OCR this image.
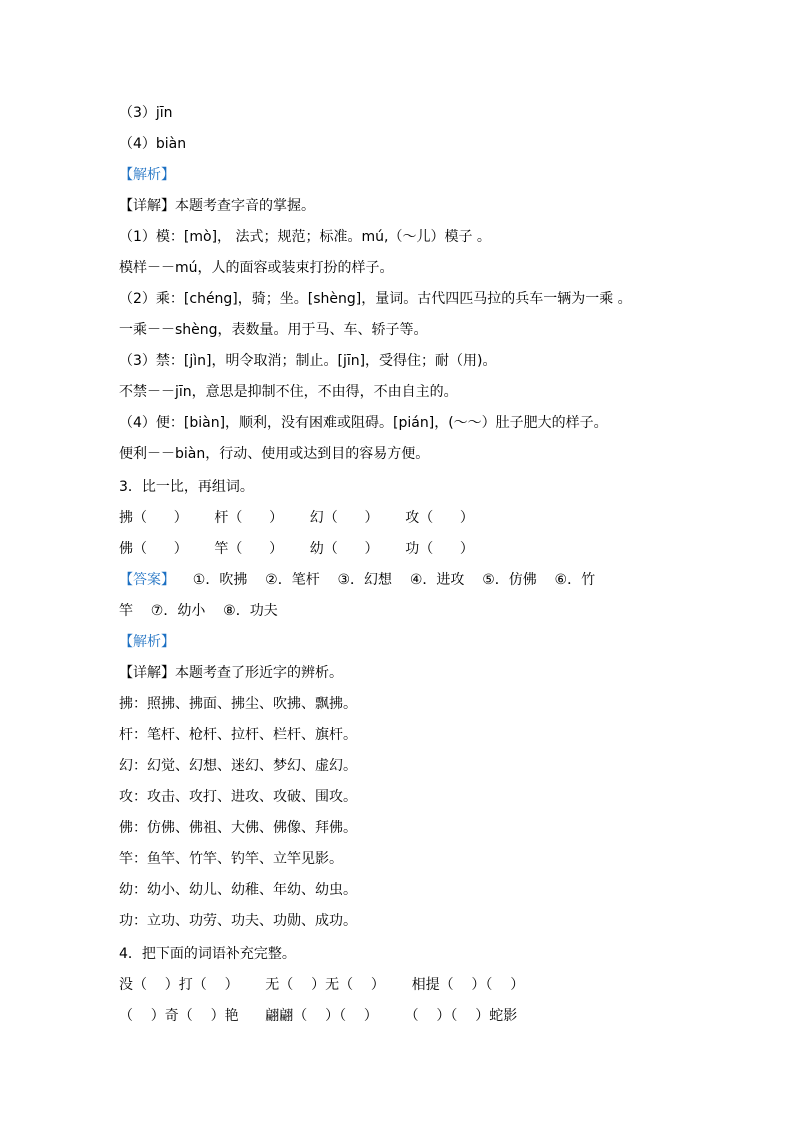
（3）jīn
（4）biàn
【解析】
【详解】本题考查字音的掌握。
（1）模：[mò]， 法式；规范；标准。mú,（～儿）模子 。
模样－－mú，人的面容或装束打扮的样子。
（2）乘：[chéng]，骑；坐。[shèng]，量词。古代四匹马拉的兵车一辆为一乘 。
一乘－－shèng，表数量。用于马、车、轿子等。
（3）禁：[jìn]，明令取消；制止。[jīn]，受得住；耐（用)。
不禁－－jīn，意思是抑制不住，不由得，不由自主的。
（4）便：[biàn]，顺利，没有困难或阻碍。[pián]，(～～）肚子肥大的样子。
便利－－biàn，行动、使用或达到目的容易方便。
3．比一比，再组词。
拂（      ）      杆（      ）      幻（      ）      攻（      ）
佛（      ）      竿（      ）      幼（      ）      功（      ）
【答案】    ①．吹拂    ②．笔杆    ③．幻想    ④．进攻    ⑤．仿佛    ⑥．竹
竿    ⑦．幼小    ⑧．功夫
【解析】
【详解】本题考查了形近字的辨析。
拂：照拂、拂面、拂尘、吹拂、飘拂。
杆：笔杆、枪杆、拉杆、栏杆、旗杆。
幻：幻觉、幻想、迷幻、梦幻、虚幻。
攻：攻击、攻打、进攻、攻破、围攻。
佛：仿佛、佛祖、大佛、佛像、拜佛。
竿：鱼竿、竹竿、钓竿、立竿见影。
幼：幼小、幼儿、幼稚、年幼、幼虫。
功：立功、功劳、功夫、功勋、成功。
4．把下面的词语补充完整。
没（    ）打（    ）      无（    ）无（    ）      相提（    ）（    ）
（    ）奇（    ）艳      翩翩（    ）（    ）      （    ）（    ）蛇影
